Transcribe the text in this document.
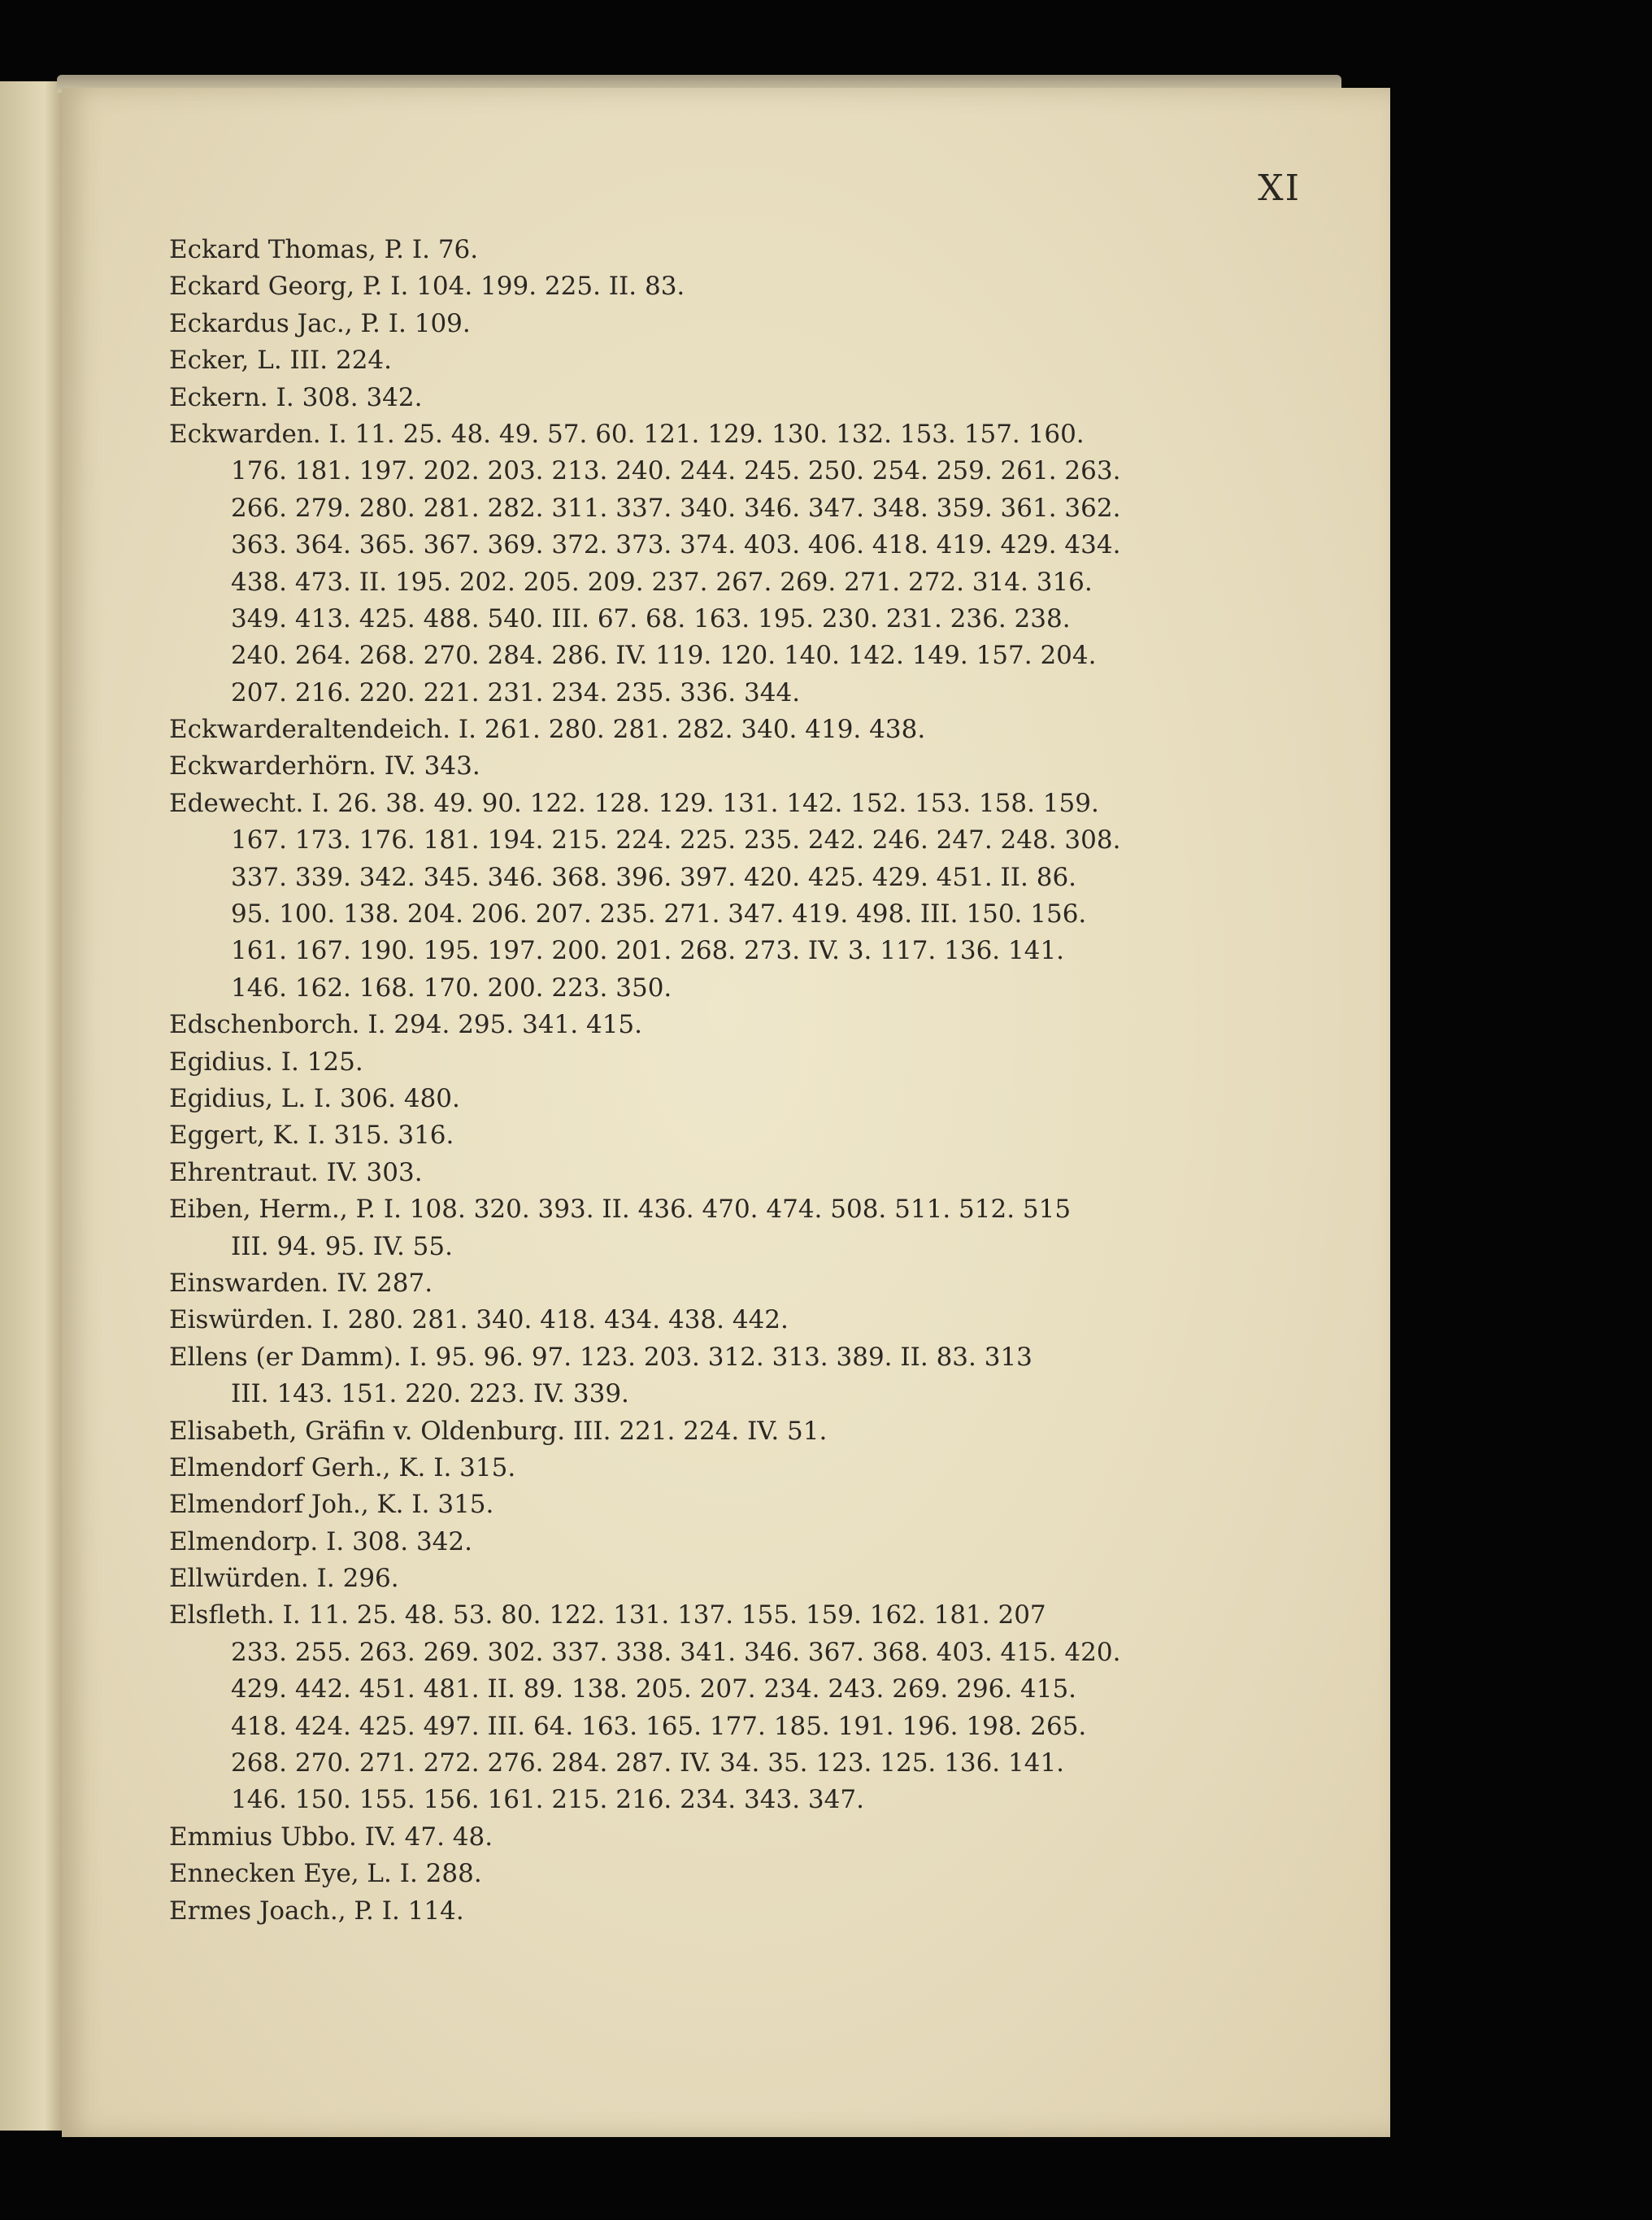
XI
Eckard Thomas, P. I. 76.
Eckard Georg, P. I. 104. 199. 225. II. 83.
Eckardus Jac., P. I. 109.
Ecker, L. III. 224.
Eckern. I. 308. 342.
Eckwarden. I. 11. 25. 48. 49. 57. 60. 121. 129. 130. 132. 153. 157. 160.
176. 181. 197. 202. 203. 213. 240. 244. 245. 250. 254. 259. 261. 263.
266. 279. 280. 281. 282. 311. 337. 340. 346. 347. 348. 359. 361. 362.
363. 364. 365. 367. 369. 372. 373. 374. 403. 406. 418. 419. 429. 434.
438. 473. II. 195. 202. 205. 209. 237. 267. 269. 271. 272. 314. 316.
349. 413. 425. 488. 540. III. 67. 68. 163. 195. 230. 231. 236. 238.
240. 264. 268. 270. 284. 286. IV. 119. 120. 140. 142. 149. 157. 204.
207. 216. 220. 221. 231. 234. 235. 336. 344.
Eckwarderaltendeich. I. 261. 280. 281. 282. 340. 419. 438.
Eckwarderhörn. IV. 343.
Edewecht. I. 26. 38. 49. 90. 122. 128. 129. 131. 142. 152. 153. 158. 159.
167. 173. 176. 181. 194. 215. 224. 225. 235. 242. 246. 247. 248. 308.
337. 339. 342. 345. 346. 368. 396. 397. 420. 425. 429. 451. II. 86.
95. 100. 138. 204. 206. 207. 235. 271. 347. 419. 498. III. 150. 156.
161. 167. 190. 195. 197. 200. 201. 268. 273. IV. 3. 117. 136. 141.
146. 162. 168. 170. 200. 223. 350.
Edschenborch. I. 294. 295. 341. 415.
Egidius. I. 125.
Egidius, L. I. 306. 480.
Eggert, K. I. 315. 316.
Ehrentraut. IV. 303.
Eiben, Herm., P. I. 108. 320. 393. II. 436. 470. 474. 508. 511. 512. 515
III. 94. 95. IV. 55.
Einswarden. IV. 287.
Eiswürden. I. 280. 281. 340. 418. 434. 438. 442.
Ellens (er Damm). I. 95. 96. 97. 123. 203. 312. 313. 389. II. 83. 313
III. 143. 151. 220. 223. IV. 339.
Elisabeth, Gräfin v. Oldenburg. III. 221. 224. IV. 51.
Elmendorf Gerh., K. I. 315.
Elmendorf Joh., K. I. 315.
Elmendorp. I. 308. 342.
Ellwürden. I. 296.
Elsfleth. I. 11. 25. 48. 53. 80. 122. 131. 137. 155. 159. 162. 181. 207
233. 255. 263. 269. 302. 337. 338. 341. 346. 367. 368. 403. 415. 420.
429. 442. 451. 481. II. 89. 138. 205. 207. 234. 243. 269. 296. 415.
418. 424. 425. 497. III. 64. 163. 165. 177. 185. 191. 196. 198. 265.
268. 270. 271. 272. 276. 284. 287. IV. 34. 35. 123. 125. 136. 141.
146. 150. 155. 156. 161. 215. 216. 234. 343. 347.
Emmius Ubbo. IV. 47. 48.
Ennecken Eye, L. I. 288.
Ermes Joach., P. I. 114.
